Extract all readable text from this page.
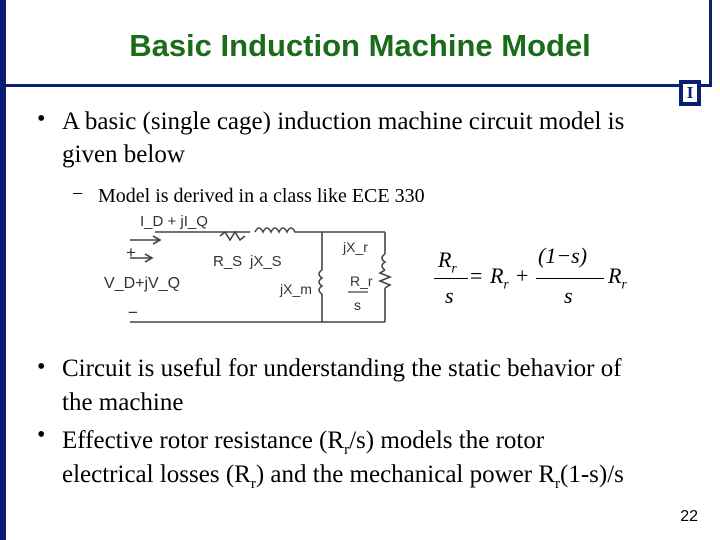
Basic Induction Machine Model
I
• A basic (single cage) induction machine circuit model is
given below
− Model is derived in a class like ECE 330
I_D + jI_Q
+
V_D+jV_Q
−
R_S jX_S
jX_m
jX_r
R_r
s
$R_r$
s
= $R_r$ +
(1−s)
s
$R_r$
• Circuit is useful for understanding the static behavior of
the machine
• Effective rotor resistance $(R_r/s)$ models the rotor
electrical losses $(R_r)$ and the mechanical power $R_r(1-s)/s$
22
